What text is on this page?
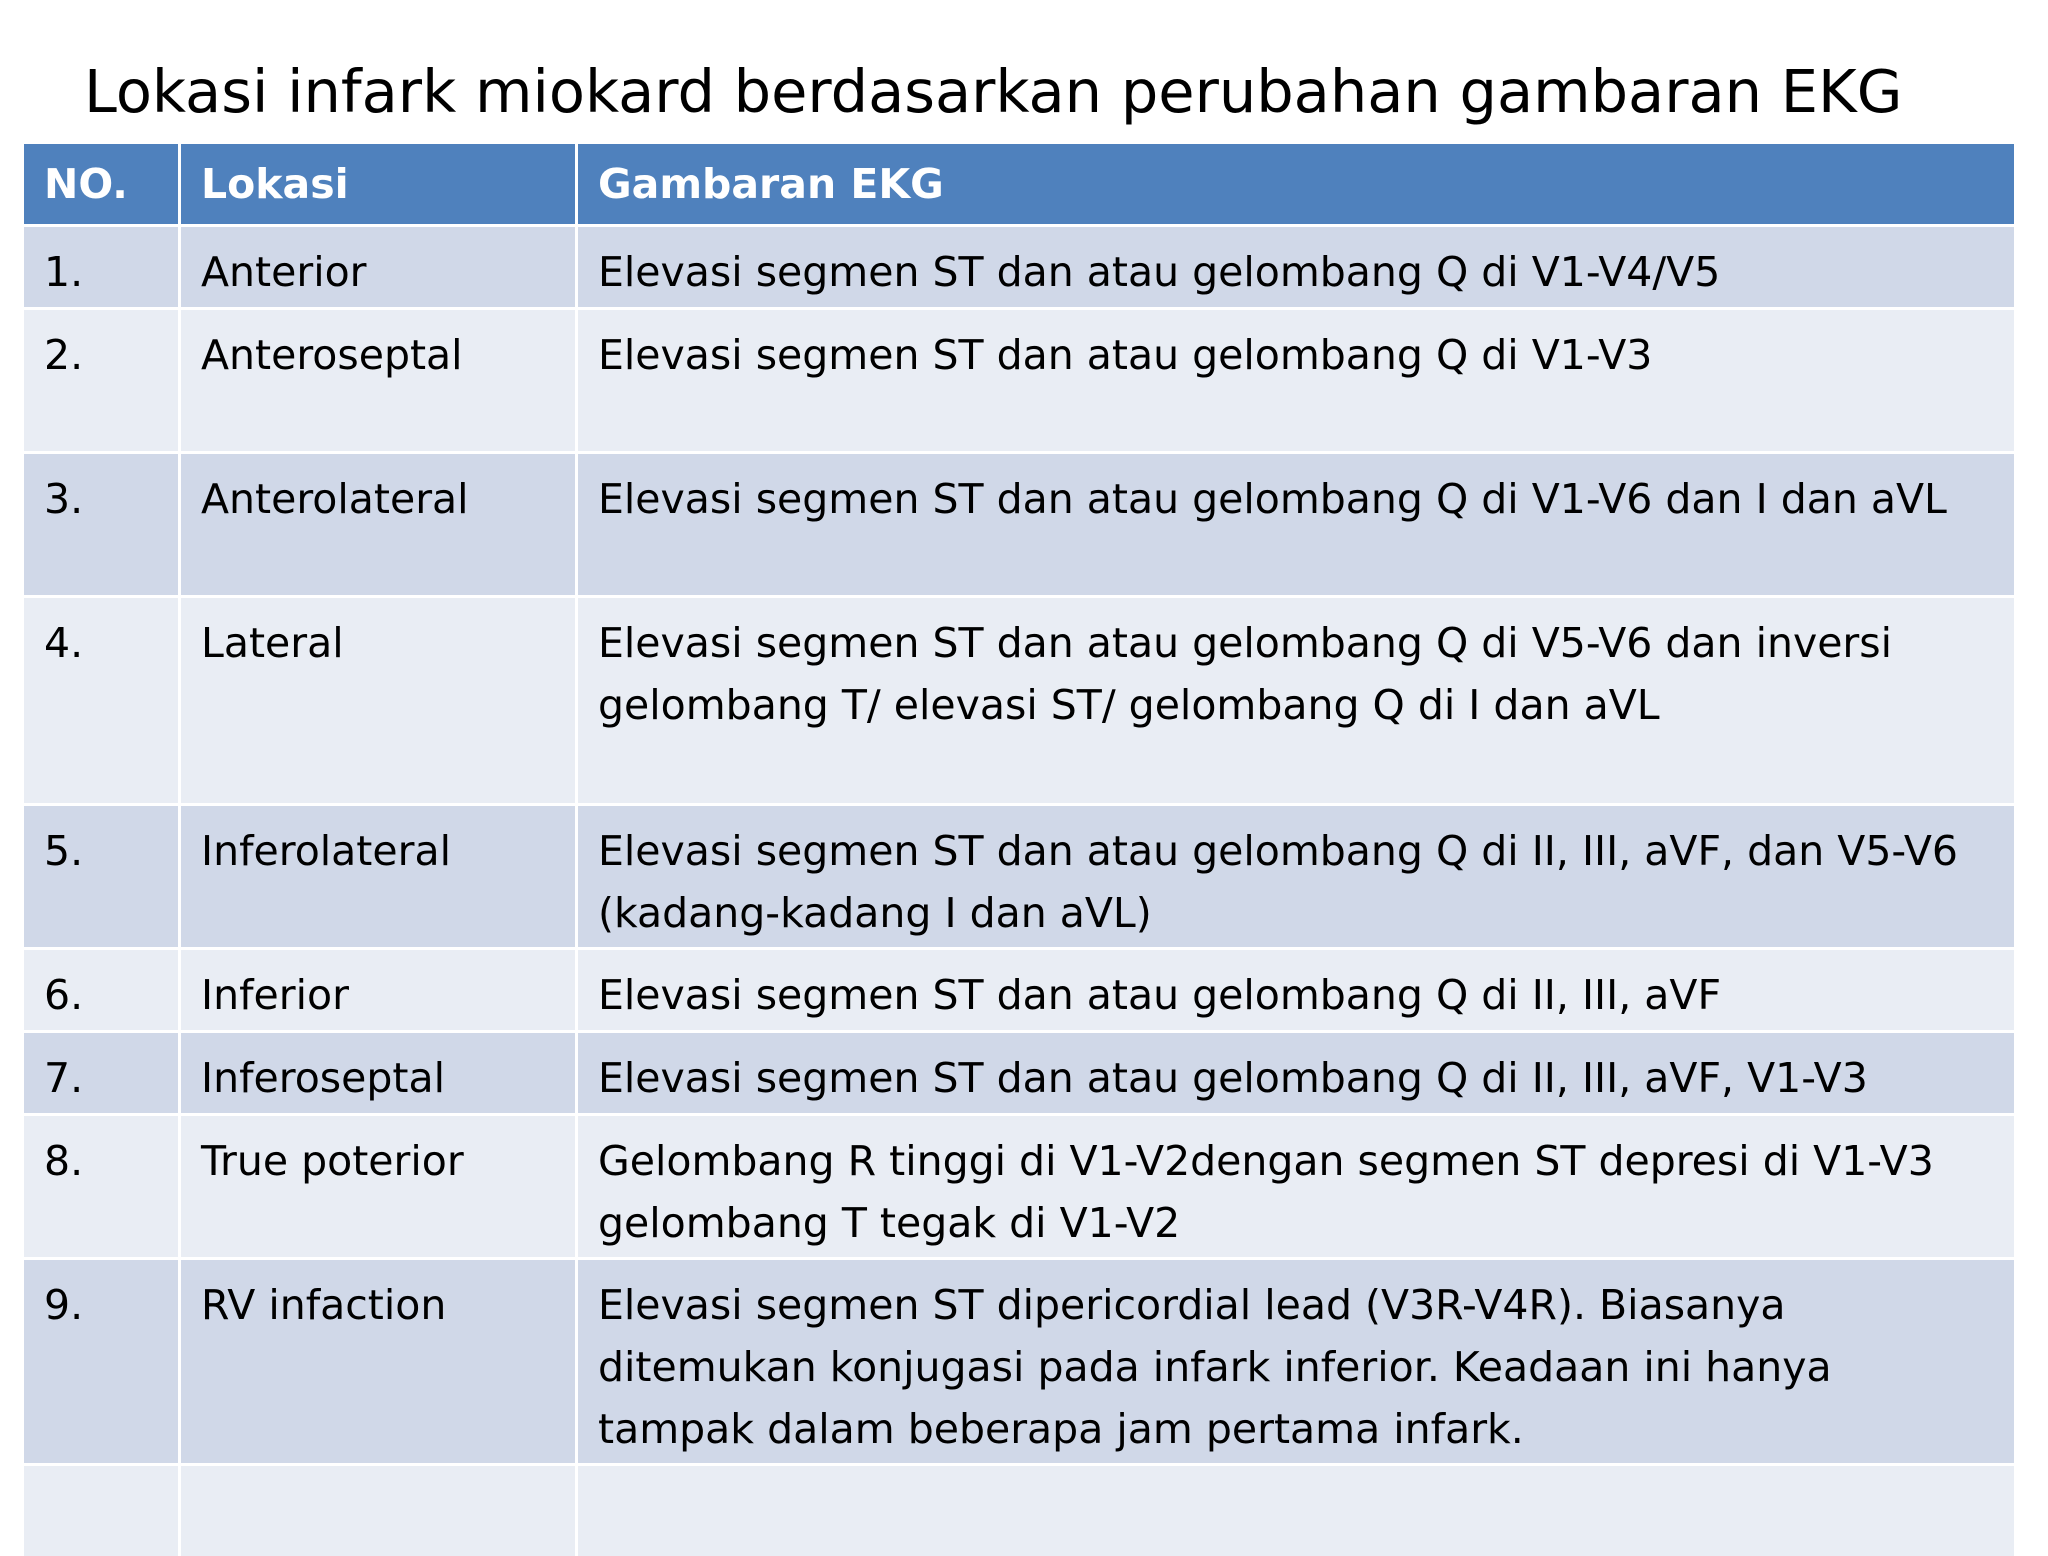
Lokasi infark miokard berdasarkan perubahan gambaran EKG
NO.	Lokasi	Gambaran EKG
1.	Anterior	Elevasi segmen ST dan atau gelombang Q di V1-V4/V5
2.	Anteroseptal	Elevasi segmen ST dan atau gelombang Q di V1-V3
3.	Anterolateral	Elevasi segmen ST dan atau gelombang Q di V1-V6 dan I dan aVL
4.	Lateral	Elevasi segmen ST dan atau gelombang Q di V5-V6 dan inversi gelombang T/ elevasi ST/ gelombang Q di I dan aVL
5.	Inferolateral	Elevasi segmen ST dan atau gelombang Q di II, III, aVF, dan V5-V6 (kadang-kadang I dan aVL)
6.	Inferior	Elevasi segmen ST dan atau gelombang Q di II, III, aVF
7.	Inferoseptal	Elevasi segmen ST dan atau gelombang Q di II, III, aVF, V1-V3
8.	True poterior	Gelombang R tinggi di V1-V2dengan segmen ST depresi di V1-V3 gelombang T tegak di V1-V2
9.	RV infaction	Elevasi segmen ST dipericordial lead (V3R-V4R). Biasanya ditemukan konjugasi pada infark inferior. Keadaan ini hanya tampak dalam beberapa jam pertama infark.
